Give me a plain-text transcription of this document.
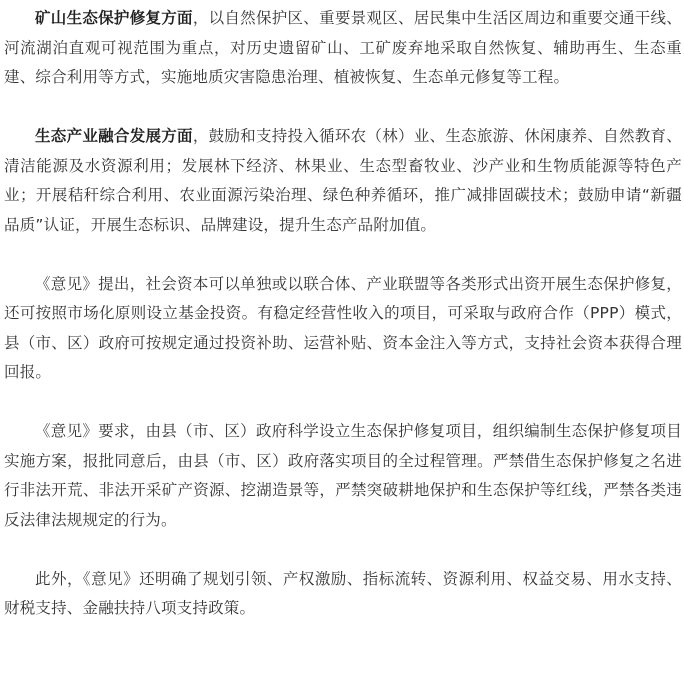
矿山生态保护修复方面，以自然保护区、重要景观区、居民集中生活区周边和重要交通干线、河流湖泊直观可视范围为重点，对历史遗留矿山、工矿废弃地采取自然恢复、辅助再生、生态重建、综合利用等方式，实施地质灾害隐患治理、植被恢复、生态单元修复等工程。

生态产业融合发展方面，鼓励和支持投入循环农（林）业、生态旅游、休闲康养、自然教育、清洁能源及水资源利用；发展林下经济、林果业、生态型畜牧业、沙产业和生物质能源等特色产业；开展秸秆综合利用、农业面源污染治理、绿色种养循环，推广减排固碳技术；鼓励申请“新疆品质”认证，开展生态标识、品牌建设，提升生态产品附加值。

《意见》提出，社会资本可以单独或以联合体、产业联盟等各类形式出资开展生态保护修复，还可按照市场化原则设立基金投资。有稳定经营性收入的项目，可采取与政府合作（PPP）模式，县（市、区）政府可按规定通过投资补助、运营补贴、资本金注入等方式，支持社会资本获得合理回报。

《意见》要求，由县（市、区）政府科学设立生态保护修复项目，组织编制生态保护修复项目实施方案，报批同意后，由县（市、区）政府落实项目的全过程管理。严禁借生态保护修复之名进行非法开荒、非法开采矿产资源、挖湖造景等，严禁突破耕地保护和生态保护等红线，严禁各类违反法律法规规定的行为。

此外，《意见》还明确了规划引领、产权激励、指标流转、资源利用、权益交易、用水支持、财税支持、金融扶持八项支持政策。
